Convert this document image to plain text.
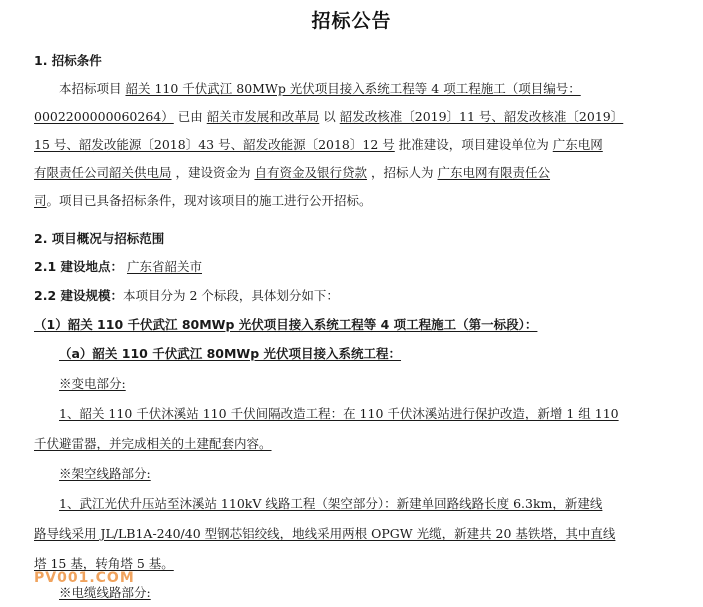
招标公告
1. 招标条件
本招标项目 韶关 110 千伏武江 80MWp 光伏项目接入系统工程等 4 项工程施工（项目编号：
0002200000060264） 已由 韶关市发展和改革局 以 韶发改核准〔2019〕11 号、韶发改核准〔2019〕
15 号、韶发改能源〔2018〕43 号、韶发改能源〔2018〕12 号 批准建设，项目建设单位为 广东电网
有限责任公司韶关供电局 ，建设资金为 自有资金及银行贷款 ，招标人为 广东电网有限责任公
司。项目已具备招标条件，现对该项目的施工进行公开招标。
2. 项目概况与招标范围
2.1 建设地点： 广东省韶关市
2.2 建设规模：本项目分为 2 个标段，具体划分如下：
（1）韶关 110 千伏武江 80MWp 光伏项目接入系统工程等 4 项工程施工（第一标段）：
（a）韶关 110 千伏武江 80MWp 光伏项目接入系统工程：
※变电部分:
1、韶关 110 千伏沐溪站 110 千伏间隔改造工程：在 110 千伏沐溪站进行保护改造，新增 1 组 110
千伏避雷器，并完成相关的土建配套内容。
※架空线路部分:
1、武江光伏升压站至沐溪站 110kV 线路工程（架空部分）：新建单回路线路长度 6.3km，新建线
路导线采用 JL/LB1A-240/40 型钢芯铝绞线，地线采用两根 OPGW 光缆，新建共 20 基铁塔，其中直线
塔 15 基，转角塔 5 基。
※电缆线路部分:
PV001.COM
